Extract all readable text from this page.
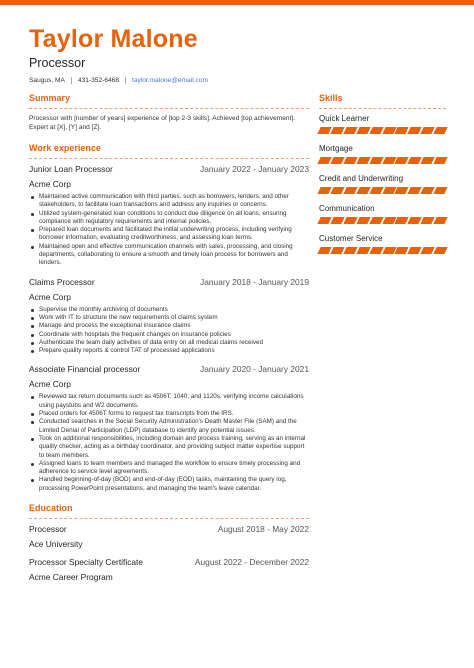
Taylor Malone
Processor
Saugus, MA 431-352-6468 taylor.malone@email.com
Summary
Processor with [number of years] experience of [top 2-3 skills]. Achieved [top achievement]. Expert at [X], [Y] and [Z].
Work experience
Junior Loan Processor	January 2022 - January 2023
Acme Corp
Maintained active communication with third parties, such as borrowers, lenders, and other stakeholders, to facilitate loan transactions and address any inquiries or concerns.
Utilized system-generated loan conditions to conduct due diligence on all loans, ensuring compliance with regulatory requirements and internal policies.
Prepared loan documents and facilitated the initial underwriting process, including verifying borrower information, evaluating creditworthiness, and assessing loan terms.
Maintained open and effective communication channels with sales, processing, and closing departments, collaborating to ensure a smooth and timely loan process for borrowers and lenders.
Claims Processor	January 2018 - January 2019
Acme Corp
Supervise the monthly archiving of documents
Work with IT to structure the new requirements of claims system
Manage and process the exceptional insurance claims
Coordinate with hospitals the frequent changes on insurance policies
Authenticate the team daily activities of data entry on all medical claims received
Prepare quality reports & control TAT of processed applications
Associate Financial processor	January 2020 - January 2021
Acme Corp
Reviewed tax return documents such as 4506T, 1040, and 1120s, verifying income calculations using paystubs and W2 documents.
Placed orders for 4506T forms to request tax transcripts from the IRS.
Conducted searches in the Social Security Administration's Death Master File (SAM) and the Limited Denial of Participation (LDP) database to identify any potential issues.
Took on additional responsibilities, including domain and process training, serving as an internal quality checker, acting as a birthday coordinator, and providing subject matter expertise support to team members.
Assigned loans to team members and managed the workflow to ensure timely processing and adherence to service level agreements.
Handled beginning-of-day (BOD) and end-of-day (EOD) tasks, maintaining the query log, processing PowerPoint presentations, and managing the team's leave calendar.
Education
Processor	August 2018 - May 2022
Ace University
Processor Specialty Certificate	August 2022 - December 2022
Acme Career Program
Skills
Quick Learner
Mortgage
Credit and Underwriting
Communication
Customer Service
